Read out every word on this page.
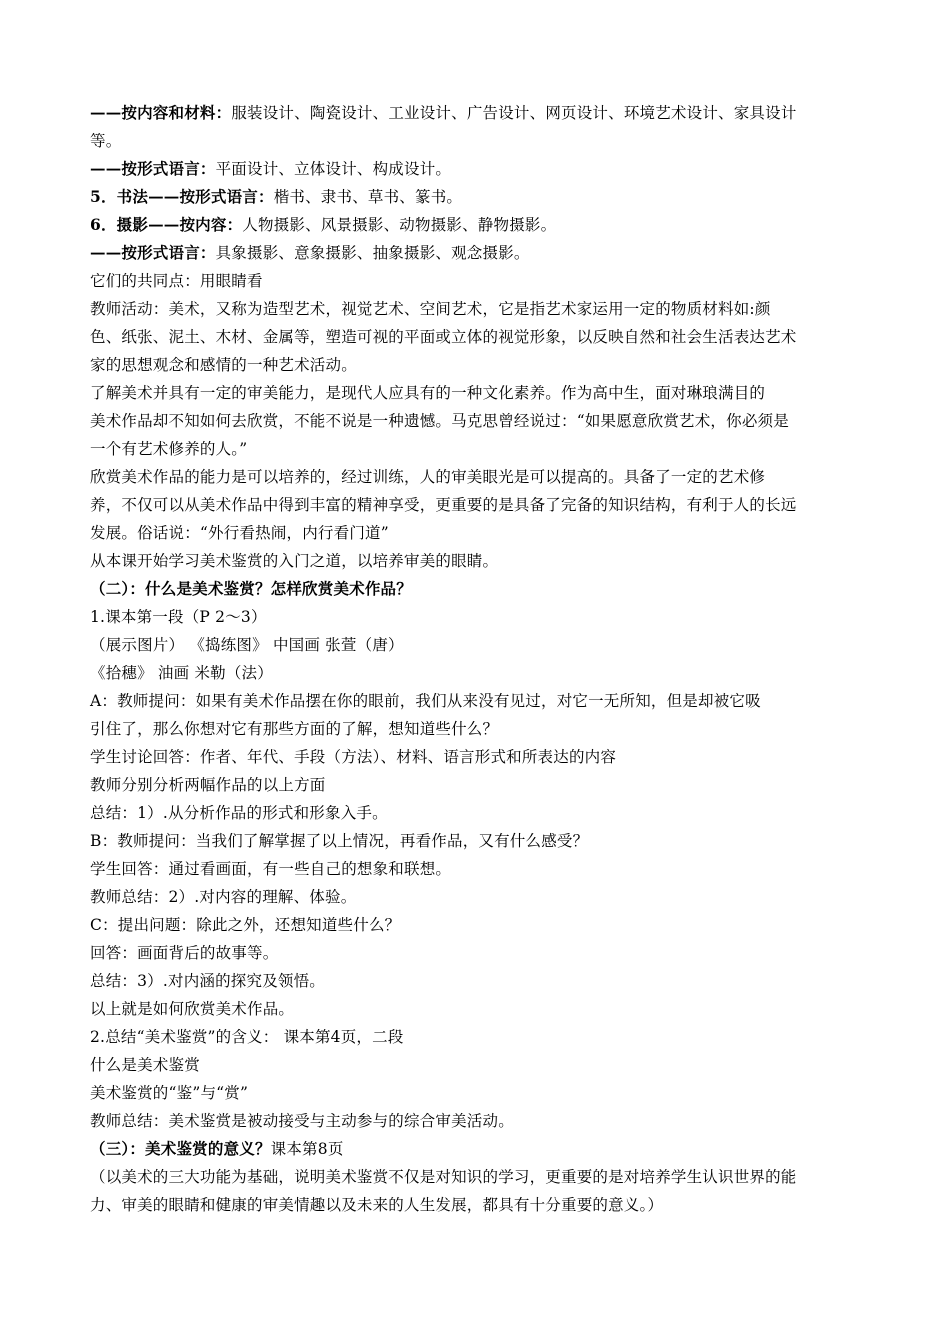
——按内容和材料：服装设计、陶瓷设计、工业设计、广告设计、网页设计、环境艺术设计、家具设计
等。
——按形式语言：平面设计、立体设计、构成设计。
5．书法——按形式语言：楷书、隶书、草书、篆书。
6．摄影——按内容：人物摄影、风景摄影、动物摄影、静物摄影。
——按形式语言：具象摄影、意象摄影、抽象摄影、观念摄影。
它们的共同点：用眼睛看
教师活动：美术，又称为造型艺术，视觉艺术、空间艺术，它是指艺术家运用一定的物质材料如:颜
色、纸张、泥土、木材、金属等，塑造可视的平面或立体的视觉形象，以反映自然和社会生活表达艺术
家的思想观念和感情的一种艺术活动。
了解美术并具有一定的审美能力，是现代人应具有的一种文化素养。作为高中生，面对琳琅满目的
美术作品却不知如何去欣赏，不能不说是一种遗憾。马克思曾经说过：“如果愿意欣赏艺术，你必须是
一个有艺术修养的人。”
欣赏美术作品的能力是可以培养的，经过训练，人的审美眼光是可以提高的。具备了一定的艺术修
养，不仅可以从美术作品中得到丰富的精神享受，更重要的是具备了完备的知识结构，有利于人的长远
发展。俗话说：“外行看热闹，内行看门道”
从本课开始学习美术鉴赏的入门之道，以培养审美的眼睛。
（二）：什么是美术鉴赏？怎样欣赏美术作品？
1.课本第一段（P 2～3）
（展示图片） 《捣练图》 中国画 张萱（唐）
《拾穗》 油画 米勒（法）
A：教师提问：如果有美术作品摆在你的眼前，我们从来没有见过，对它一无所知，但是却被它吸
引住了，那么你想对它有那些方面的了解，想知道些什么？
学生讨论回答：作者、年代、手段（方法）、材料、语言形式和所表达的内容
教师分别分析两幅作品的以上方面
总结：1）.从分析作品的形式和形象入手。
B：教师提问：当我们了解掌握了以上情况，再看作品，又有什么感受？
学生回答：通过看画面，有一些自己的想象和联想。
教师总结：2）.对内容的理解、体验。
C：提出问题：除此之外，还想知道些什么？
回答：画面背后的故事等。
总结：3）.对内涵的探究及领悟。
以上就是如何欣赏美术作品。
2.总结“美术鉴赏”的含义： 课本第4页，二段
什么是美术鉴赏
美术鉴赏的“鉴”与“赏”
教师总结：美术鉴赏是被动接受与主动参与的综合审美活动。
（三）：美术鉴赏的意义？课本第8页
（以美术的三大功能为基础，说明美术鉴赏不仅是对知识的学习，更重要的是对培养学生认识世界的能
力、审美的眼睛和健康的审美情趣以及未来的人生发展，都具有十分重要的意义。）
